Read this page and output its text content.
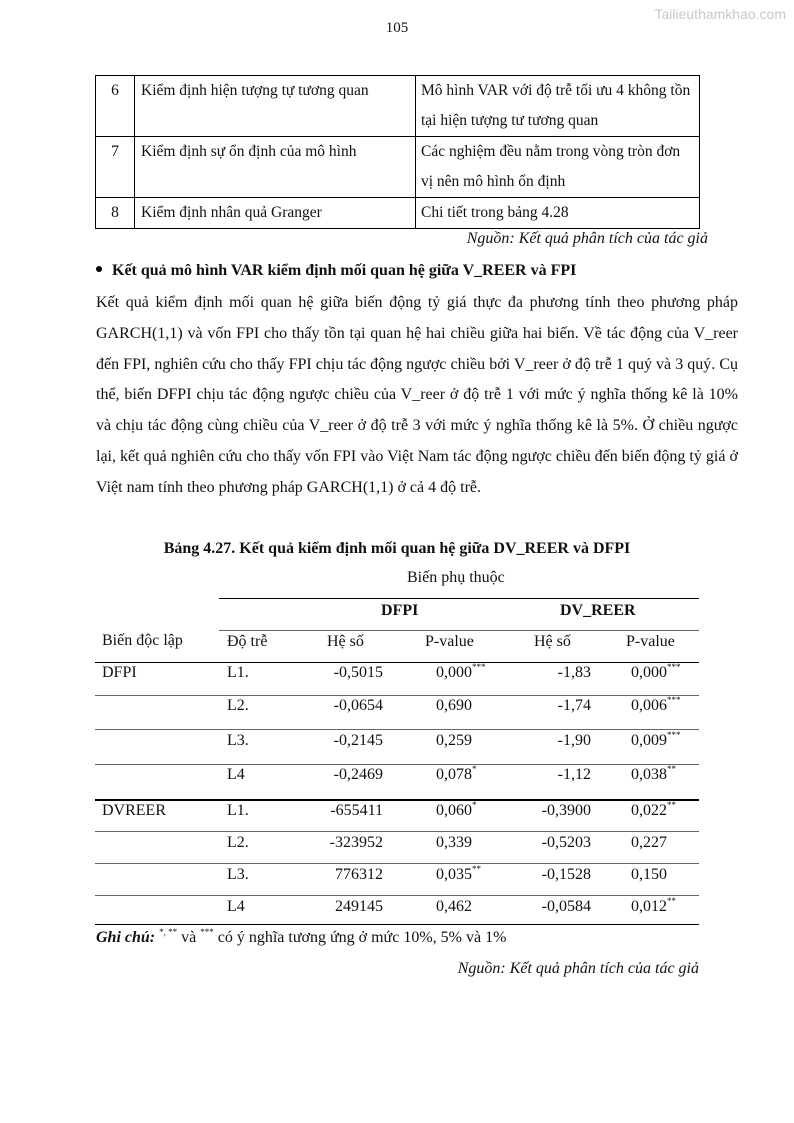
105
Tailieuthamkhao.com
6	Kiểm định hiện tượng tự tương quan	Mô hình VAR với độ trễ tối ưu 4 không tồn tại hiện tượng tư tương quan
7	Kiểm định sự ổn định của mô hình	Các nghiệm đều nằm trong vòng tròn đơn vị nên mô hình ổn định
8	Kiểm định nhân quả Granger	Chi tiết trong bảng 4.28
Nguồn: Kết quả phân tích của tác giả
Kết quả mô hình VAR kiểm định mối quan hệ giữa V_REER và FPI
Kết quả kiểm định mối quan hệ giữa biến động tỷ giá thực đa phương tính theo phương pháp GARCH(1,1) và vốn FPI cho thấy tồn tại quan hệ hai chiều giữa hai biến. Về tác động của V_reer đến FPI, nghiên cứu cho thấy FPI chịu tác động ngược chiều bởi V_reer ở độ trễ 1 quý và 3 quý. Cụ thể, biến DFPI chịu tác động ngược chiều của V_reer ở độ trễ 1 với mức ý nghĩa thống kê là 10% và chịu tác động cùng chiều của V_reer ở độ trễ 3 với mức ý nghĩa thống kê là 5%. Ở chiều ngược lại, kết quả nghiên cứu cho thấy vốn FPI vào Việt Nam tác động ngược chiều đến biến động tỷ giá ở Việt nam tính theo phương pháp GARCH(1,1) ở cả 4 độ trễ.
Bảng 4.27. Kết quả kiểm định mối quan hệ giữa DV_REER và DFPI
Biến phụ thuộc
DFPI	DV_REER
Biến độc lập	Độ trễ	Hệ số	P-value	Hệ số	P-value
DFPI	L1.	-0,5015	0,000***	-1,83	0,000***
L2.	-0,0654	0,690	-1,74	0,006***
L3.	-0,2145	0,259	-1,90	0,009***
L4	-0,2469	0,078*	-1,12	0,038**
DVREER	L1.	-655411	0,060*	-0,3900	0,022**
L2.	-323952	0,339	-0,5203	0,227
L3.	776312	0,035**	-0,1528	0,150
L4	249145	0,462	-0,0584	0,012**
Ghi chú: *, ** và *** có ý nghĩa tương ứng ở mức 10%, 5% và 1%
Nguồn: Kết quả phân tích của tác giả
